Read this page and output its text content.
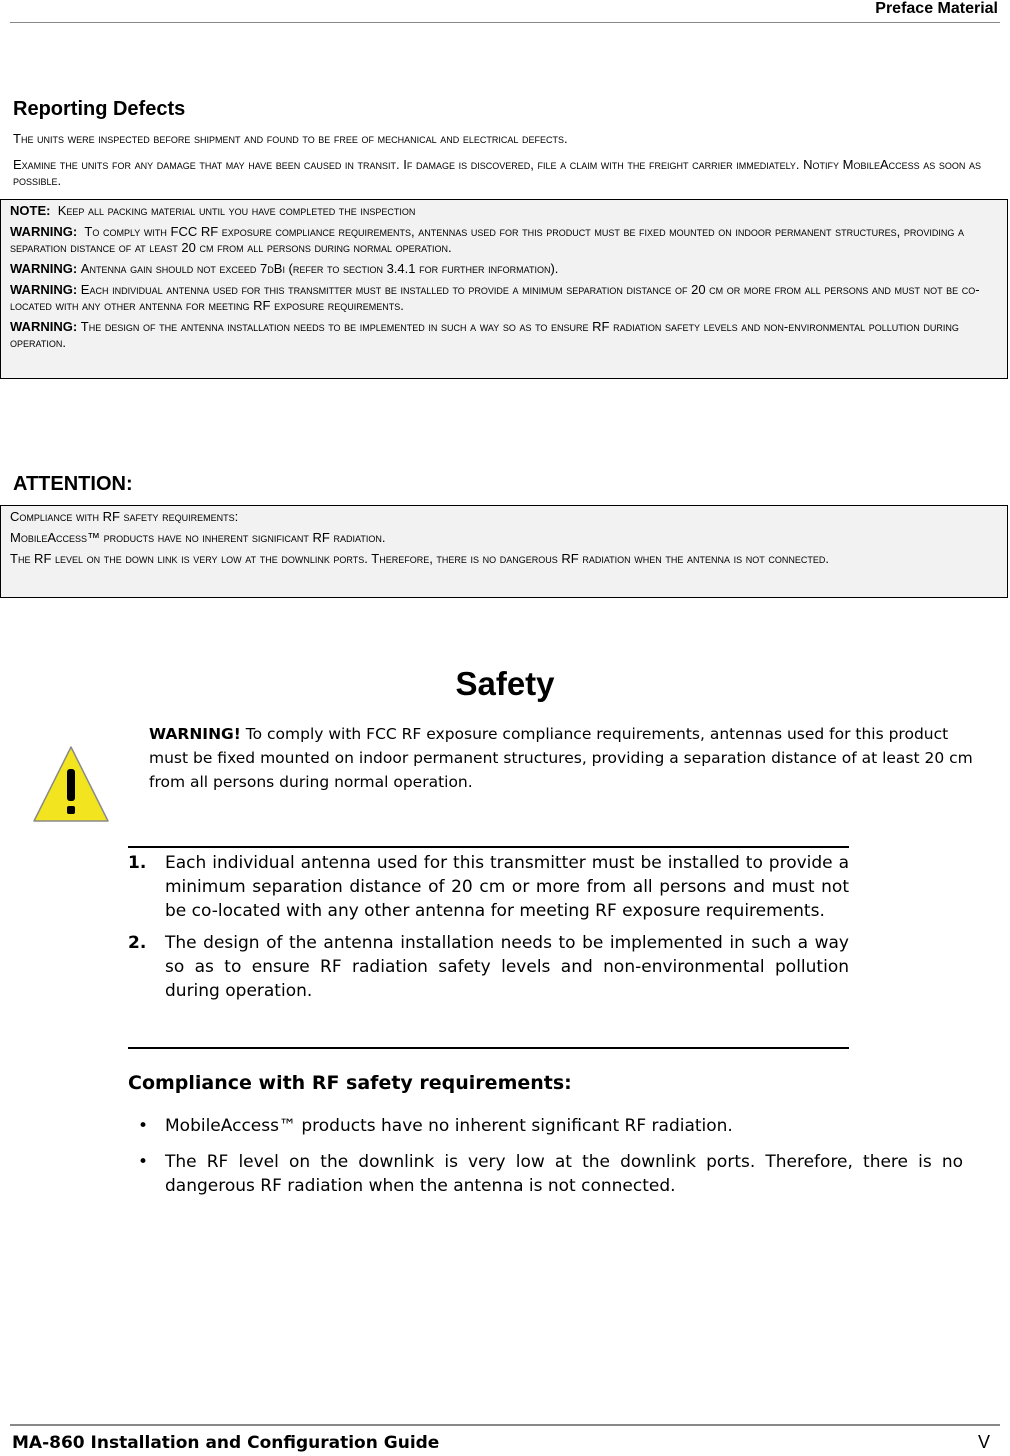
Preface Material
Reporting Defects
The units were inspected before shipment and found to be free of mechanical and electrical defects.
Examine the units for any damage that may have been caused in transit. If damage is discovered, file a claim with the freight carrier immediately. Notify MobileAccess as soon as possible.
NOTE: Keep all packing material until you have completed the inspection
WARNING: To comply with FCC RF exposure compliance requirements, antennas used for this product must be fixed mounted on indoor permanent structures, providing a separation distance of at least 20 cm from all persons during normal operation.
WARNING: Antenna gain should not exceed 7dBi (refer to section 3.4.1 for further information).
WARNING: Each individual antenna used for this transmitter must be installed to provide a minimum separation distance of 20 cm or more from all persons and must not be co-located with any other antenna for meeting RF exposure requirements.
WARNING: The design of the antenna installation needs to be implemented in such a way so as to ensure RF radiation safety levels and non-environmental pollution during operation.
ATTENTION:
Compliance with RF safety requirements:
MobileAccess™ products have no inherent significant RF radiation.
The RF level on the down link is very low at the downlink ports. Therefore, there is no dangerous RF radiation when the antenna is not connected.
Safety
WARNING! To comply with FCC RF exposure compliance requirements, antennas used for this product must be fixed mounted on indoor permanent structures, providing a separation distance of at least 20 cm from all persons during normal operation.
1. Each individual antenna used for this transmitter must be installed to provide a minimum separation distance of 20 cm or more from all persons and must not be co-located with any other antenna for meeting RF exposure requirements.
2. The design of the antenna installation needs to be implemented in such a way so as to ensure RF radiation safety levels and non-environmental pollution during operation.
Compliance with RF safety requirements:
• MobileAccess™ products have no inherent significant RF radiation.
• The RF level on the downlink is very low at the downlink ports. Therefore, there is no dangerous RF radiation when the antenna is not connected.
MA-860 Installation and Configuration Guide	V
